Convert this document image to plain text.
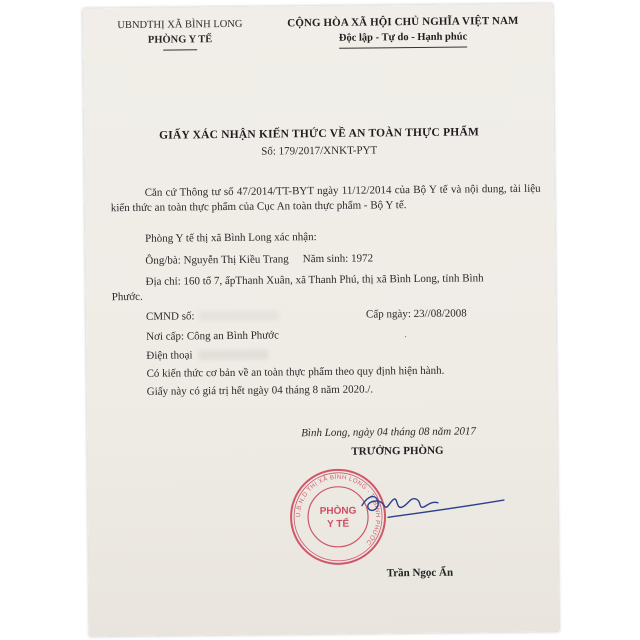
UBNDTHỊ XÃ BÌNH LONG
PHÒNG Y TẾ
CỘNG HÒA XÃ HỘI CHỦ NGHĨA VIỆT NAM
Độc lập - Tự do - Hạnh phúc
GIẤY XÁC NHẬN KIẾN THỨC VỀ AN TOÀN THỰC PHẨM
Số: 179/2017/XNKT-PYT
Căn cứ Thông tư số 47/2014/TT-BYT ngày 11/12/2014 của Bộ Y tế và nội dung, tài liệu kiến thức an toàn thực phẩm của Cục An toàn thực phẩm - Bộ Y tế.
Phòng Y tế thị xã Bình Long xác nhận:
Ông/bà: Nguyễn Thị Kiều Trang Năm sinh: 1972
Địa chỉ: 160 tổ 7, ấpThanh Xuân, xã Thanh Phú, thị xã Bình Long, tỉnh Bình
Phước.
CMND số:	Cấp ngày: 23//08/2008
Nơi cấp: Công an Bình Phước	.
Điện thoại
Có kiến thức cơ bản về an toàn thực phẩm theo quy định hiện hành.
Giấy này có giá trị hết ngày 04 tháng 8 năm 2020./.
Bình Long, ngày 04 tháng 08 năm 2017
TRƯỞNG PHÒNG
U.B.N.D THỊ XÃ BÌNH LONG - T. BÌNH PHƯỚC
PHÒNG
Y TẾ
Trần Ngọc Ẩn
